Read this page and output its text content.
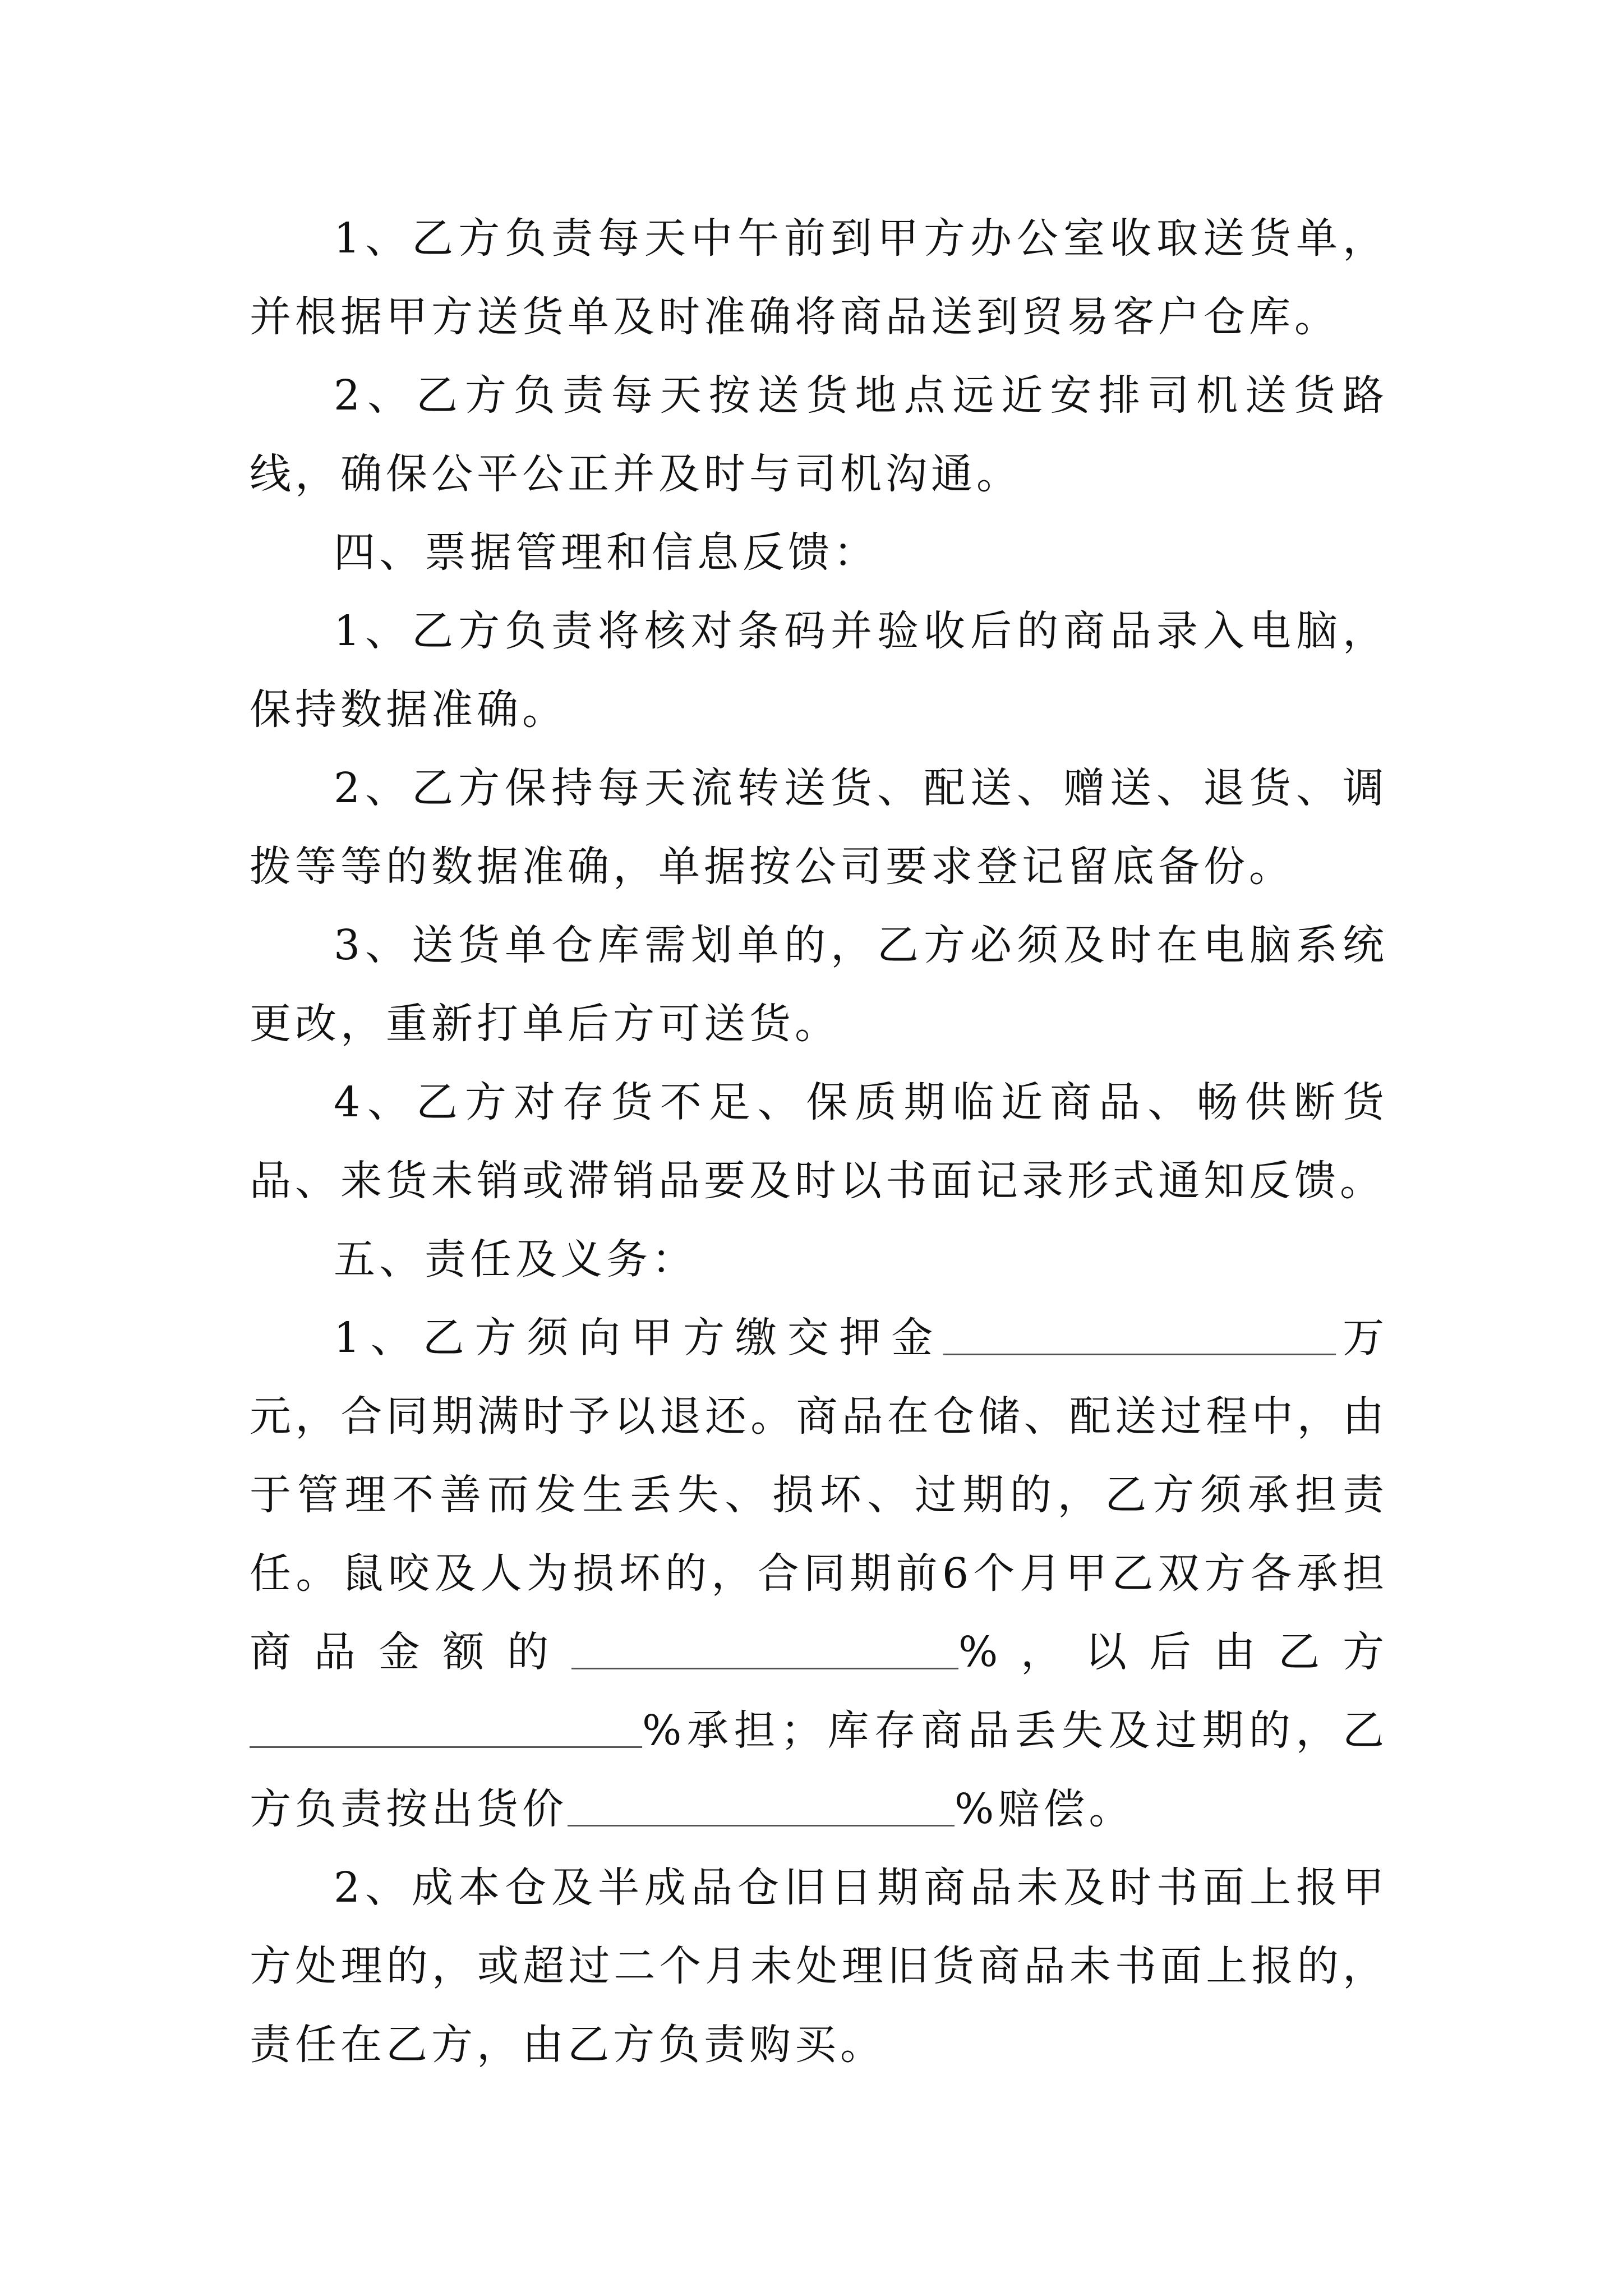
1、乙方负责每天中午前到甲方办公室收取送货单，并根据甲方送货单及时准确将商品送到贸易客户仓库。

2、乙方负责每天按送货地点远近安排司机送货路线，确保公平公正并及时与司机沟通。

四、票据管理和信息反馈：

1、乙方负责将核对条码并验收后的商品录入电脑，保持数据准确。

2、乙方保持每天流转送货、配送、赠送、退货、调拨等等的数据准确，单据按公司要求登记留底备份。

3、送货单仓库需划单的，乙方必须及时在电脑系统更改，重新打单后方可送货。

4、乙方对存货不足、保质期临近商品、畅供断货品、来货未销或滞销品要及时以书面记录形式通知反馈。

五、责任及义务：

1、乙方须向甲方缴交押金	万元，合同期满时予以退还。商品在仓储、配送过程中，由于管理不善而发生丢失、损坏、过期的，乙方须承担责任。鼠咬及人为损坏的，合同期前6个月甲乙双方各承担商品金额的	%，以后由乙方%承担；库存商品丢失及过期的，乙方负责按出货价	%赔偿。

2、成本仓及半成品仓旧日期商品未及时书面上报甲方处理的，或超过二个月未处理旧货商品未书面上报的，责任在乙方，由乙方负责购买。
